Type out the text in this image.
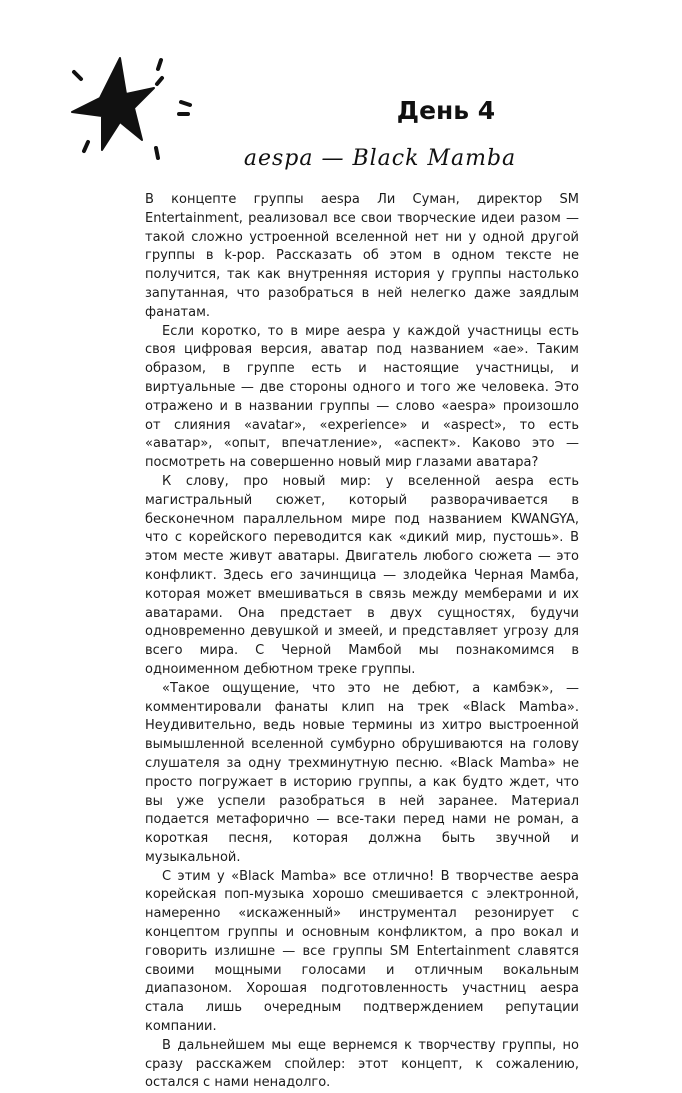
День 4
aespa — Black Mamba

В концепте группы aespa Ли Суман, директор SM Entertainment, реализовал все свои творческие идеи разом — такой сложно устроенной вселенной нет ни у одной другой группы в k-pop. Рассказать об этом в одном тексте не получится, так как внутренняя история у группы настолько запутанная, что разобраться в ней нелегко даже заядлым фанатам.

Если коротко, то в мире aespa у каждой участницы есть своя цифровая версия, аватар под названием «ae». Таким образом, в группе есть и настоящие участницы, и виртуальные — две стороны одного и того же человека. Это отражено и в названии группы — слово «aespa» произошло от слияния «avatar», «experience» и «aspect», то есть «аватар», «опыт, впечатление», «аспект». Каково это — посмотреть на совершенно новый мир глазами аватара?

К слову, про новый мир: у вселенной aespa есть магистральный сюжет, который разворачивается в бесконечном параллельном мире под названием KWANGYA, что с корейского переводится как «дикий мир, пустошь». В этом месте живут аватары. Двигатель любого сюжета — это конфликт. Здесь его зачинщица — злодейка Черная Мамба, которая может вмешиваться в связь между мемберами и их аватарами. Она предстает в двух сущностях, будучи одновременно девушкой и змеей, и представляет угрозу для всего мира. С Черной Мамбой мы познакомимся в одноименном дебютном треке группы.

«Такое ощущение, что это не дебют, а камбэк», — комментировали фанаты клип на трек «Black Mamba». Неудивительно, ведь новые термины из хитро выстроенной вымышленной вселенной сумбурно обрушиваются на голову слушателя за одну трехминутную песню. «Black Mamba» не просто погружает в историю группы, а как будто ждет, что вы уже успели разобраться в ней заранее. Материал подается метафорично — все-таки перед нами не роман, а короткая песня, которая должна быть звучной и музыкальной.

С этим у «Black Mamba» все отлично! В творчестве aespa корейская поп-музыка хорошо смешивается с электронной, намеренно «искаженный» инструментал резонирует с концептом группы и основным конфликтом, а про вокал и говорить излишне — все группы SM Entertainment славятся своими мощными голосами и отличным вокальным диапазоном. Хорошая подготовленность участниц aespa стала лишь очередным подтверждением репутации компании.

В дальнейшем мы еще вернемся к творчеству группы, но сразу расскажем спойлер: этот концепт, к сожалению, остался с нами ненадолго.
